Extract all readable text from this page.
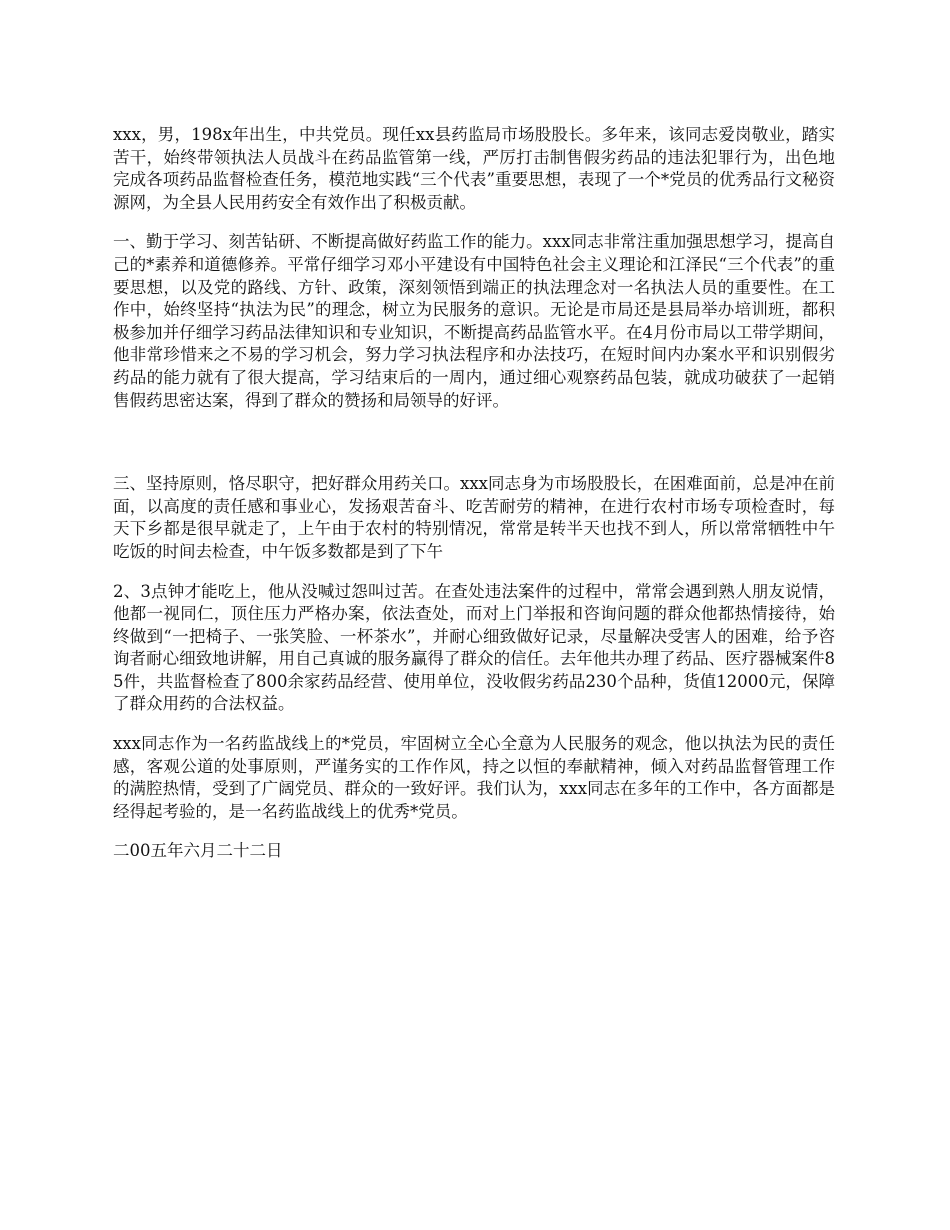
xxx，男，198x年出生，中共党员。现任xx县药监局市场股股长。多年来，该同志爱岗敬业，踏实苦干，始终带领执法人员战斗在药品监管第一线，严厉打击制售假劣药品的违法犯罪行为，出色地完成各项药品监督检查任务，模范地实践“三个代表”重要思想，表现了一个*党员的优秀品行文秘资源网，为全县人民用药安全有效作出了积极贡献。

一、勤于学习、刻苦钻研、不断提高做好药监工作的能力。xxx同志非常注重加强思想学习，提高自己的*素养和道德修养。平常仔细学习邓小平建设有中国特色社会主义理论和江泽民“三个代表”的重要思想，以及党的路线、方针、政策，深刻领悟到端正的执法理念对一名执法人员的重要性。在工作中，始终坚持“执法为民”的理念，树立为民服务的意识。无论是市局还是县局举办培训班，都积极参加并仔细学习药品法律知识和专业知识，不断提高药品监管水平。在4月份市局以工带学期间，他非常珍惜来之不易的学习机会，努力学习执法程序和办法技巧，在短时间内办案水平和识别假劣药品的能力就有了很大提高，学习结束后的一周内，通过细心观察药品包装，就成功破获了一起销售假药思密达案，得到了群众的赞扬和局领导的好评。

三、坚持原则，恪尽职守，把好群众用药关口。xxx同志身为市场股股长，在困难面前，总是冲在前面，以高度的责任感和事业心，发扬艰苦奋斗、吃苦耐劳的精神，在进行农村市场专项检查时，每天下乡都是很早就走了，上午由于农村的特别情况，常常是转半天也找不到人，所以常常牺牲中午吃饭的时间去检查，中午饭多数都是到了下午

2、3点钟才能吃上，他从没喊过怨叫过苦。在查处违法案件的过程中，常常会遇到熟人朋友说情，他都一视同仁，顶住压力严格办案，依法查处，而对上门举报和咨询问题的群众他都热情接待，始终做到“一把椅子、一张笑脸、一杯茶水”，并耐心细致做好记录，尽量解决受害人的困难，给予咨询者耐心细致地讲解，用自己真诚的服务赢得了群众的信任。去年他共办理了药品、医疗器械案件85件，共监督检查了800余家药品经营、使用单位，没收假劣药品230个品种，货值12000元，保障了群众用药的合法权益。

xxx同志作为一名药监战线上的*党员，牢固树立全心全意为人民服务的观念，他以执法为民的责任感，客观公道的处事原则，严谨务实的工作作风，持之以恒的奉献精神，倾入对药品监督管理工作的满腔热情，受到了广阔党员、群众的一致好评。我们认为，xxx同志在多年的工作中，各方面都是经得起考验的，是一名药监战线上的优秀*党员。

二00五年六月二十二日
